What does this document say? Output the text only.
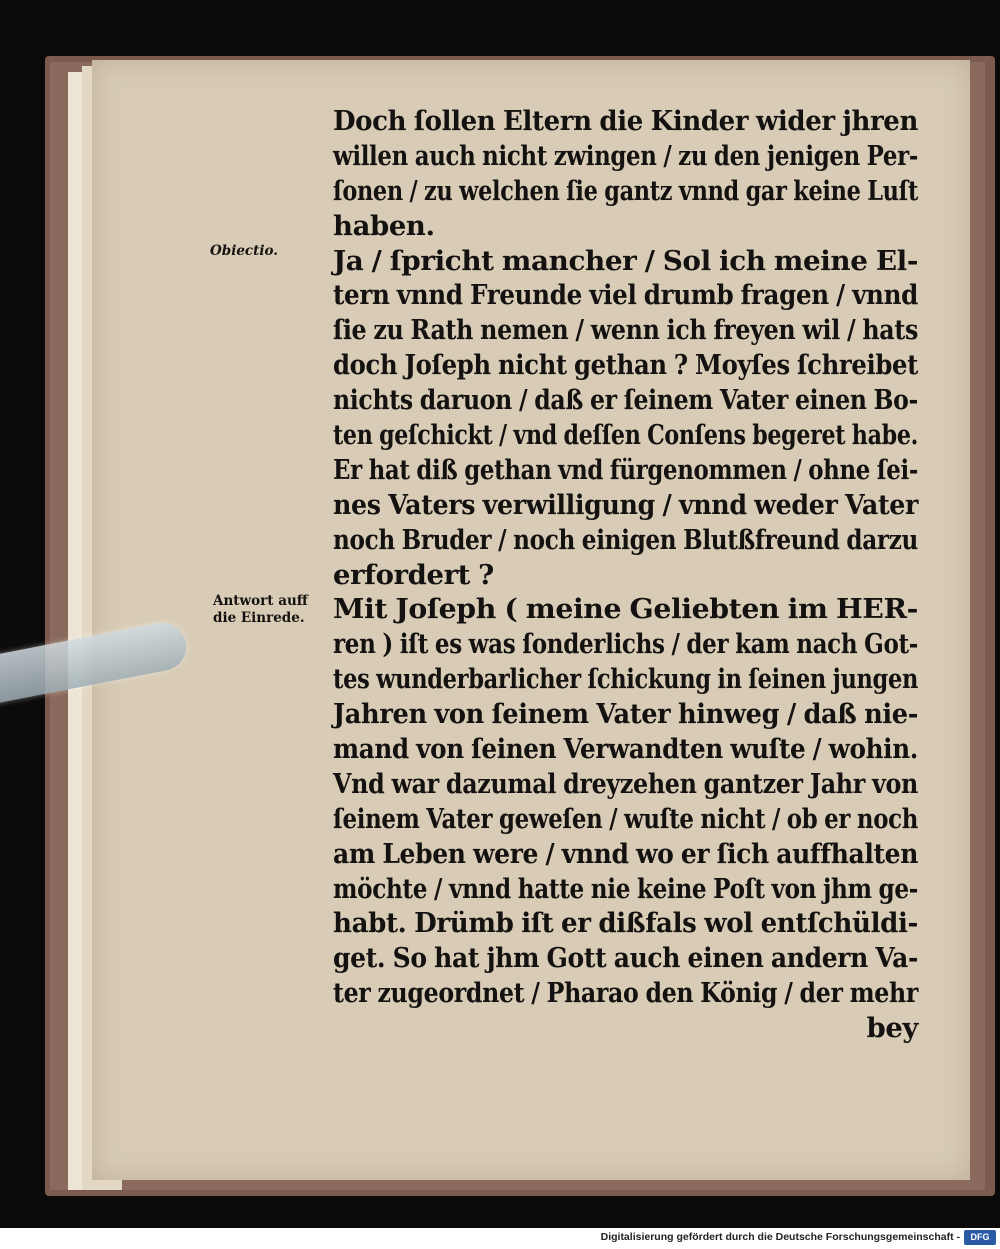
Obiectio.
Antwort auff
die Einrede.
Doch ſollen Eltern die Kinder wider jhren
willen auch nicht zwingen / zu den jenigen Per-
ſonen / zu welchen ſie gantz vnnd gar keine Luſt
haben.
Ja / ſpricht mancher / Sol ich meine El-
tern vnnd Freunde viel drumb fragen / vnnd
ſie zu Rath nemen / wenn ich freyen wil / hats
doch Joſeph nicht gethan ? Moyſes ſchreibet
nichts daruon / daß er ſeinem Vater einen Bo-
ten geſchickt / vnd deſſen Conſens begeret habe.
Er hat diß gethan vnd fürgenommen / ohne ſei-
nes Vaters verwilligung / vnnd weder Vater
noch Bruder / noch einigen Blutßfreund darzu
erfordert ?
Mit Joſeph ( meine Geliebten im HER-
ren ) iſt es was ſonderlichs / der kam nach Got-
tes wunderbarlicher ſchickung in ſeinen jungen
Jahren von ſeinem Vater hinweg / daß nie-
mand von ſeinen Verwandten wuſte / wohin.
Vnd war dazumal dreyzehen gantzer Jahr von
ſeinem Vater geweſen / wuſte nicht / ob er noch
am Leben were / vnnd wo er ſich auffhalten
möchte / vnnd hatte nie keine Poſt von jhm ge-
habt. Drümb iſt er dißfals wol entſchüldi-
get. So hat jhm Gott auch einen andern Va-
ter zugeordnet / Pharao den König / der mehr
bey
Digitalisierung gefördert durch die Deutsche Forschungsgemeinschaft -	DFG
